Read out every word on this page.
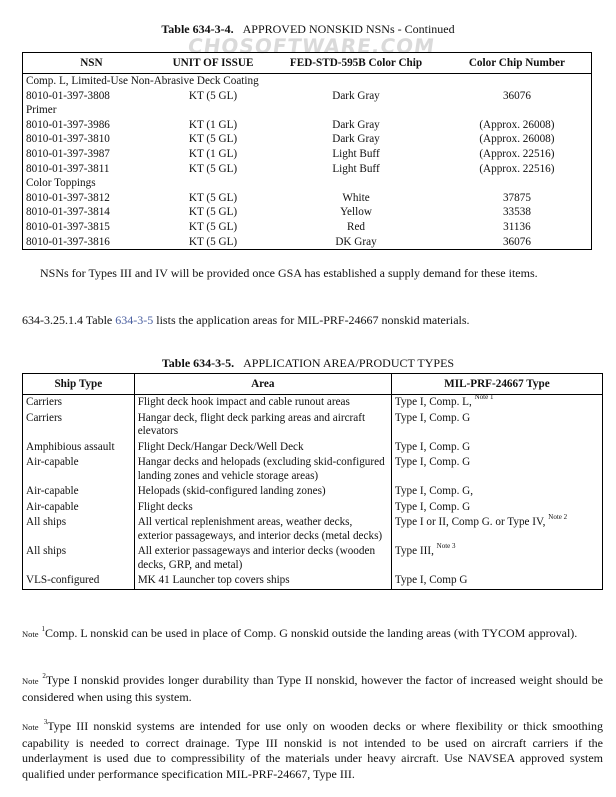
Table 634-3-4. APPROVED NONSKID NSNs - Continued
CHOSOFTWARE.COM
NSN	UNIT OF ISSUE	FED-STD-595B Color Chip	Color Chip Number
Comp. L, Limited-Use Non-Abrasive Deck Coating			
8010-01-397-3808	KT (5 GL)	Dark Gray	36076
Primer			
8010-01-397-3986	KT (1 GL)	Dark Gray	(Approx. 26008)
8010-01-397-3810	KT (5 GL)	Dark Gray	(Approx. 26008)
8010-01-397-3987	KT (1 GL)	Light Buff	(Approx. 22516)
8010-01-397-3811	KT (5 GL)	Light Buff	(Approx. 22516)
Color Toppings			
8010-01-397-3812	KT (5 GL)	White	37875
8010-01-397-3814	KT (5 GL)	Yellow	33538
8010-01-397-3815	KT (5 GL)	Red	31136
8010-01-397-3816	KT (5 GL)	DK Gray	36076
NSNs for Types III and IV will be provided once GSA has established a supply demand for these items.
634-3.25.1.4 Table 634-3-5 lists the application areas for MIL-PRF-24667 nonskid materials.
Table 634-3-5. APPLICATION AREA/PRODUCT TYPES
Ship Type	Area	MIL-PRF-24667 Type
Carriers	Flight deck hook impact and cable runout areas	Type I, Comp. L, $^{Note 1}$
Carriers	Hangar deck, flight deck parking areas and aircraft elevators	Type I, Comp. G
Amphibious assault	Flight Deck/Hangar Deck/Well Deck	Type I, Comp. G
Air-capable	Hangar decks and helopads (excluding skid-configured landing zones and vehicle storage areas)	Type I, Comp. G
Air-capable	Helopads (skid-configured landing zones)	Type I, Comp. G,
Air-capable	Flight decks	Type I, Comp. G
All ships	All vertical replenishment areas, weather decks, exterior passageways, and interior decks (metal decks)	Type I or II, Comp G. or Type IV, $^{Note 2}$
All ships	All exterior passageways and interior decks (wooden decks, GRP, and metal)	Type III, $^{Note 3}$
VLS-configured	MK 41 Launcher top covers ships	Type I, Comp G
Note $^1$Comp. L nonskid can be used in place of Comp. G nonskid outside the landing areas (with TYCOM approval).
Note $^2$Type I nonskid provides longer durability than Type II nonskid, however the factor of increased weight should be considered when using this system.
Note $^3$Type III nonskid systems are intended for use only on wooden decks or where flexibility or thick smoothing capability is needed to correct drainage. Type III nonskid is not intended to be used on aircraft carriers if the underlayment is used due to compressibility of the materials under heavy aircraft. Use NAVSEA approved system qualified under performance specification MIL-PRF-24667, Type III.
